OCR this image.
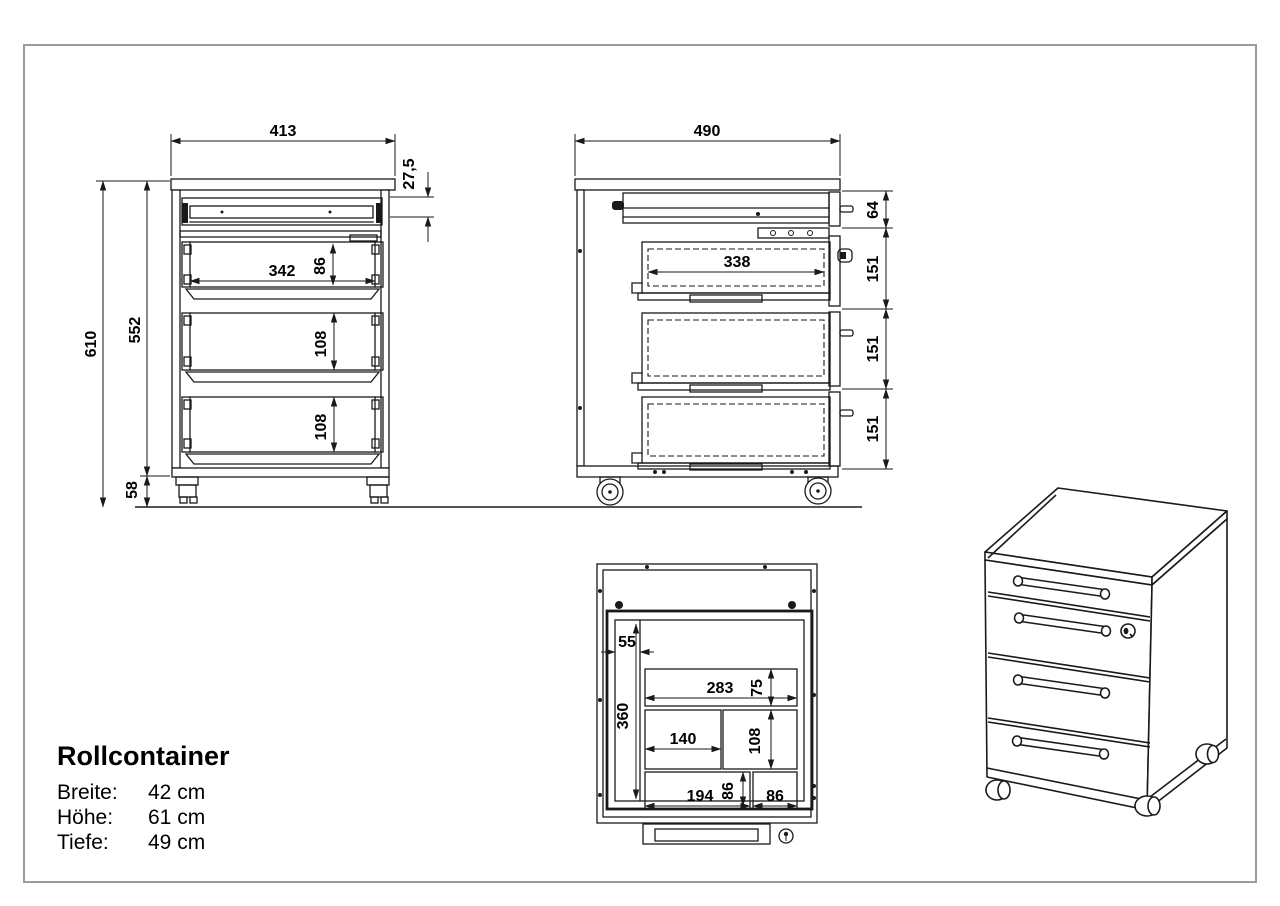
413
27,5
610
552
58
342 86
108
108
490
64
151
151
151
338
55
360
283 75
140	108
194 86 86
Rollcontainer
Breite:	42 cm
Höhe:	61 cm
Tiefe:	49 cm
